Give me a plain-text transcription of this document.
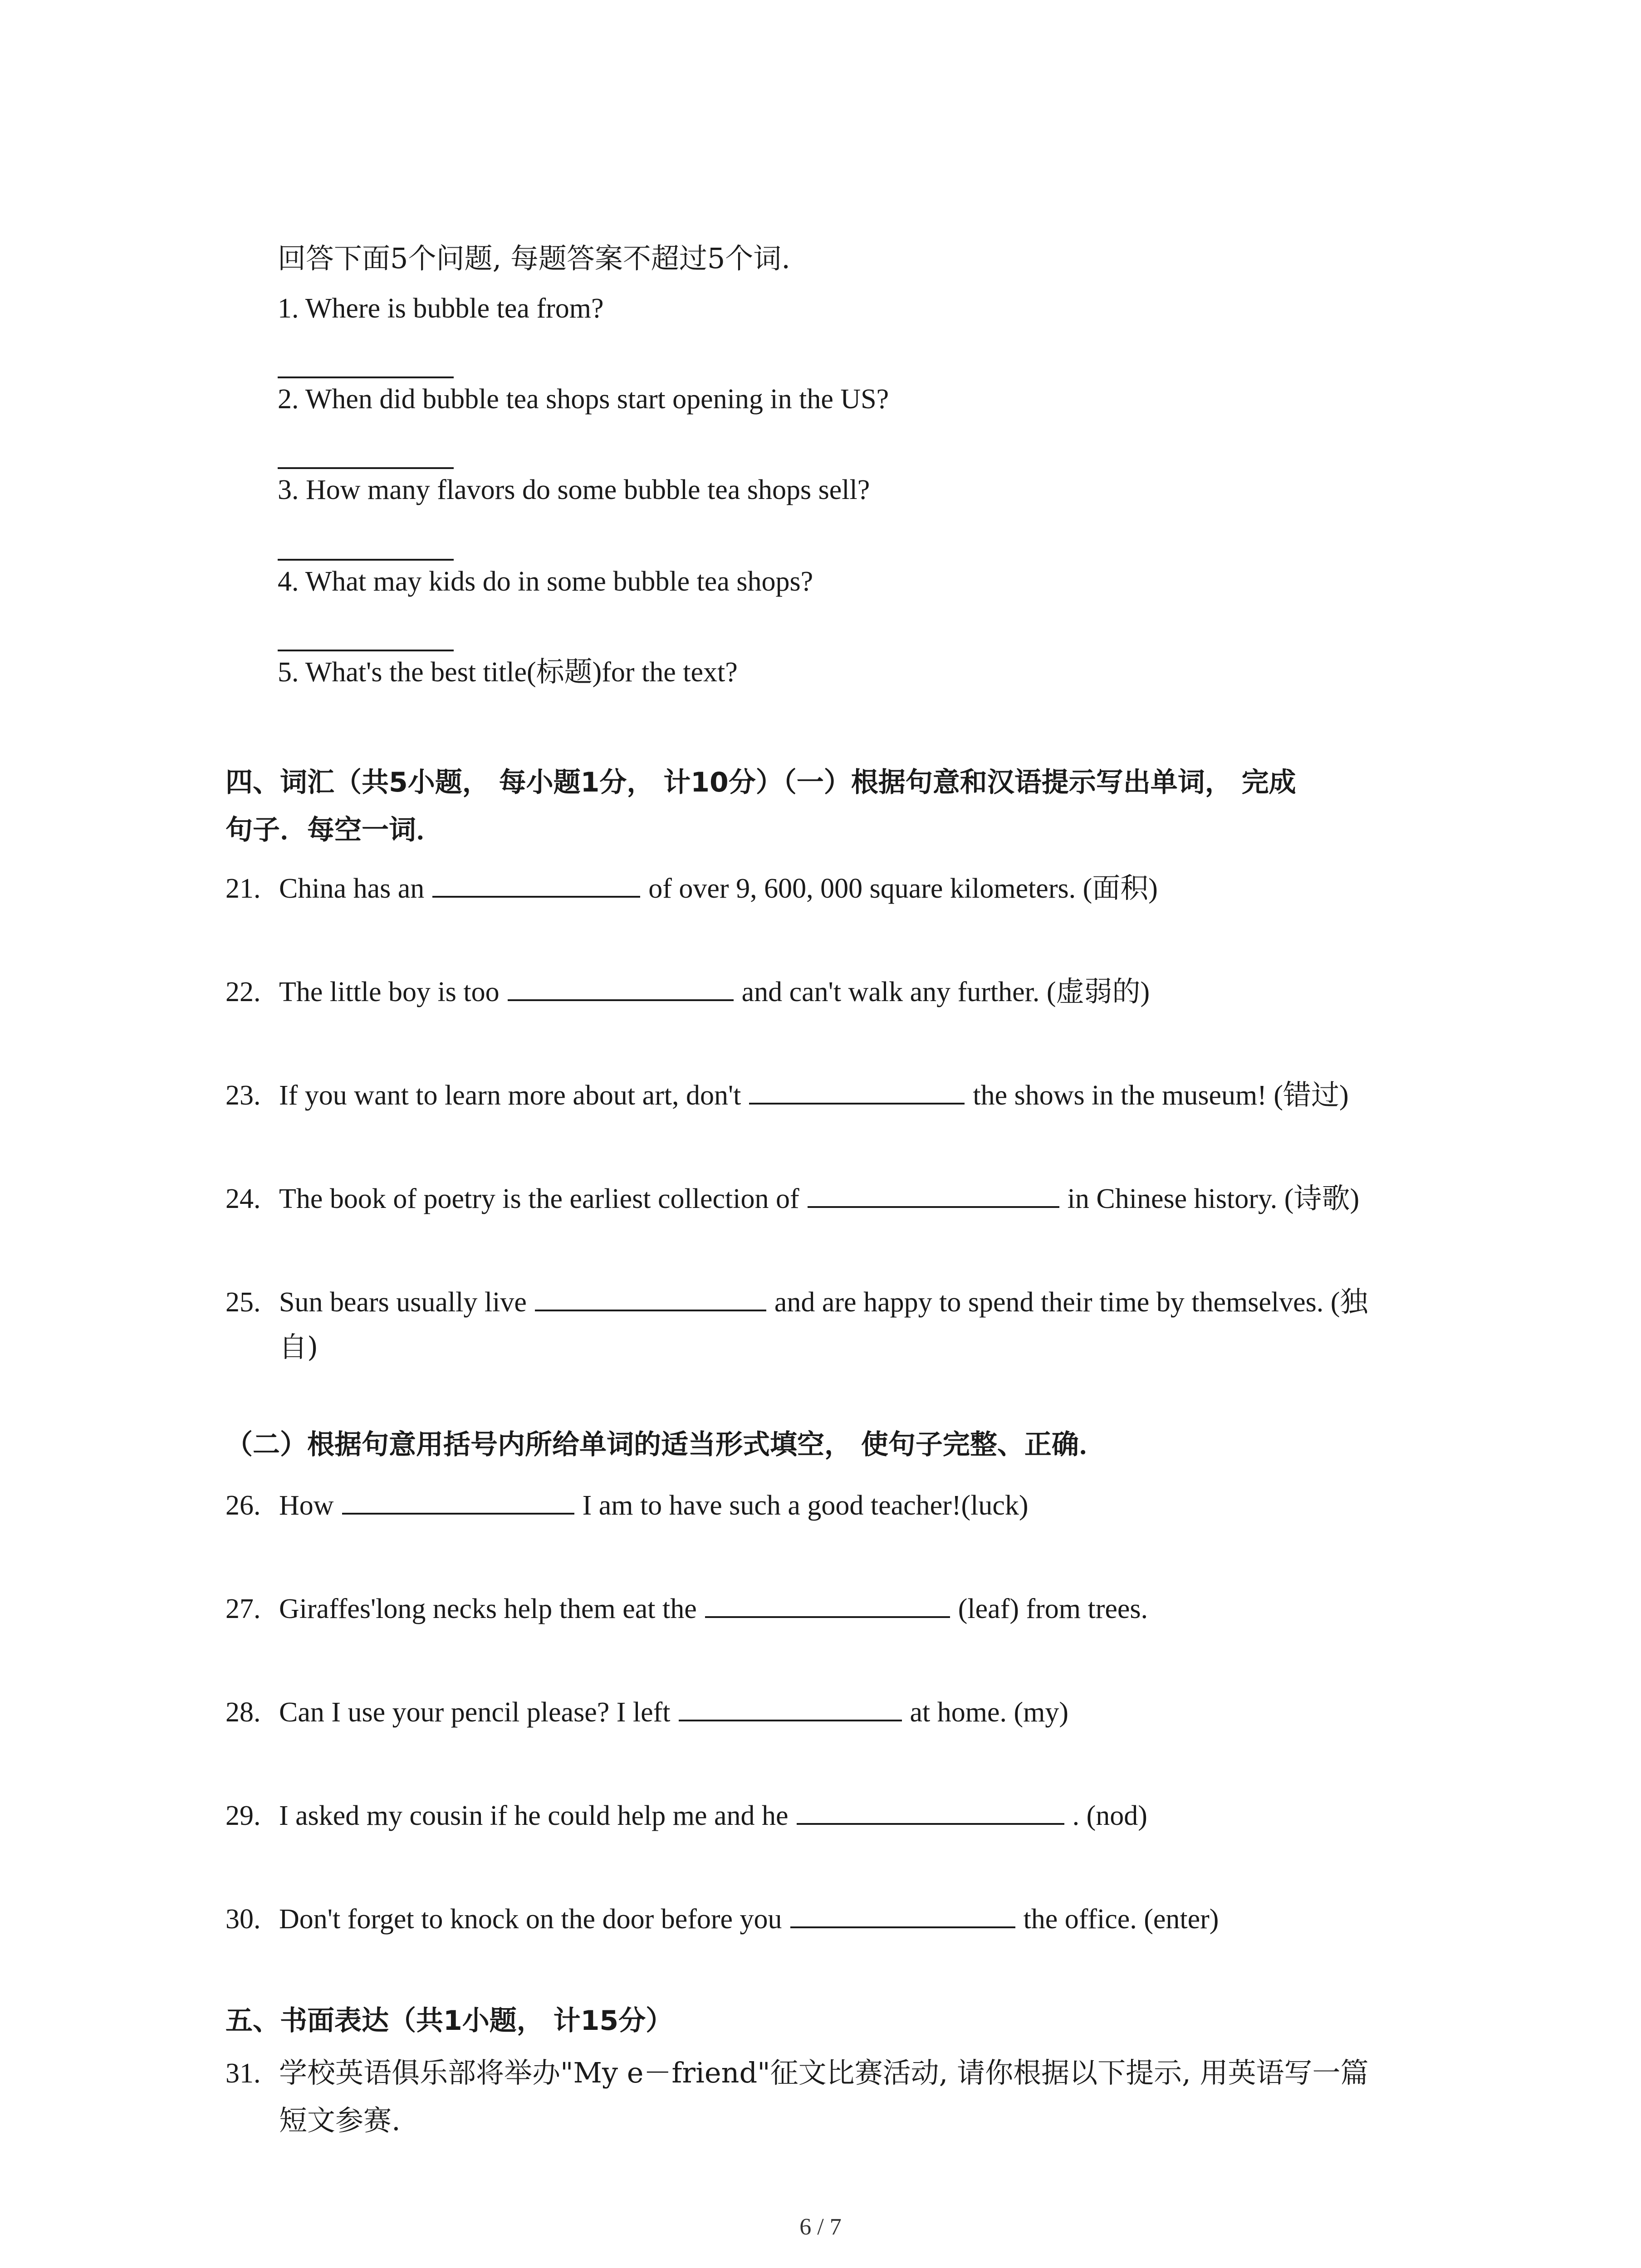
回答下面5个问题, 每题答案不超过5个词.
1. Where is bubble tea from?
2. When did bubble tea shops start opening in the US?
3. How many flavors do some bubble tea shops sell?
4. What may kids do in some bubble tea shops?
5. What's the best title(标题)for the text?
四、词汇（共5小题， 每小题1分， 计10分）（一）根据句意和汉语提示写出单词， 完成
句子．每空一词．
21. China has an	of over 9, 600, 000 square kilometers. (面积)
22. The little boy is too	and can't walk any further. (虚弱的)
23. If you want to learn more about art, don't	the shows in the museum! (错过)
24. The book of poetry is the earliest collection of	in Chinese history. (诗歌)
25. Sun bears usually live	and are happy to spend their time by themselves. (独
自)
（二）根据句意用括号内所给单词的适当形式填空， 使句子完整、正确．
26. How	I am to have such a good teacher!(luck)
27. Giraffes'long necks help them eat the	(leaf) from trees.
28. Can I use your pencil please? I left	at home. (my)
29. I asked my cousin if he could help me and he	. (nod)
30. Don't forget to knock on the door before you	the office. (enter)
五、书面表达（共1小题， 计15分）
31. 学校英语俱乐部将举办"My e－friend"征文比赛活动, 请你根据以下提示, 用英语写一篇
短文参赛.
6 / 7
